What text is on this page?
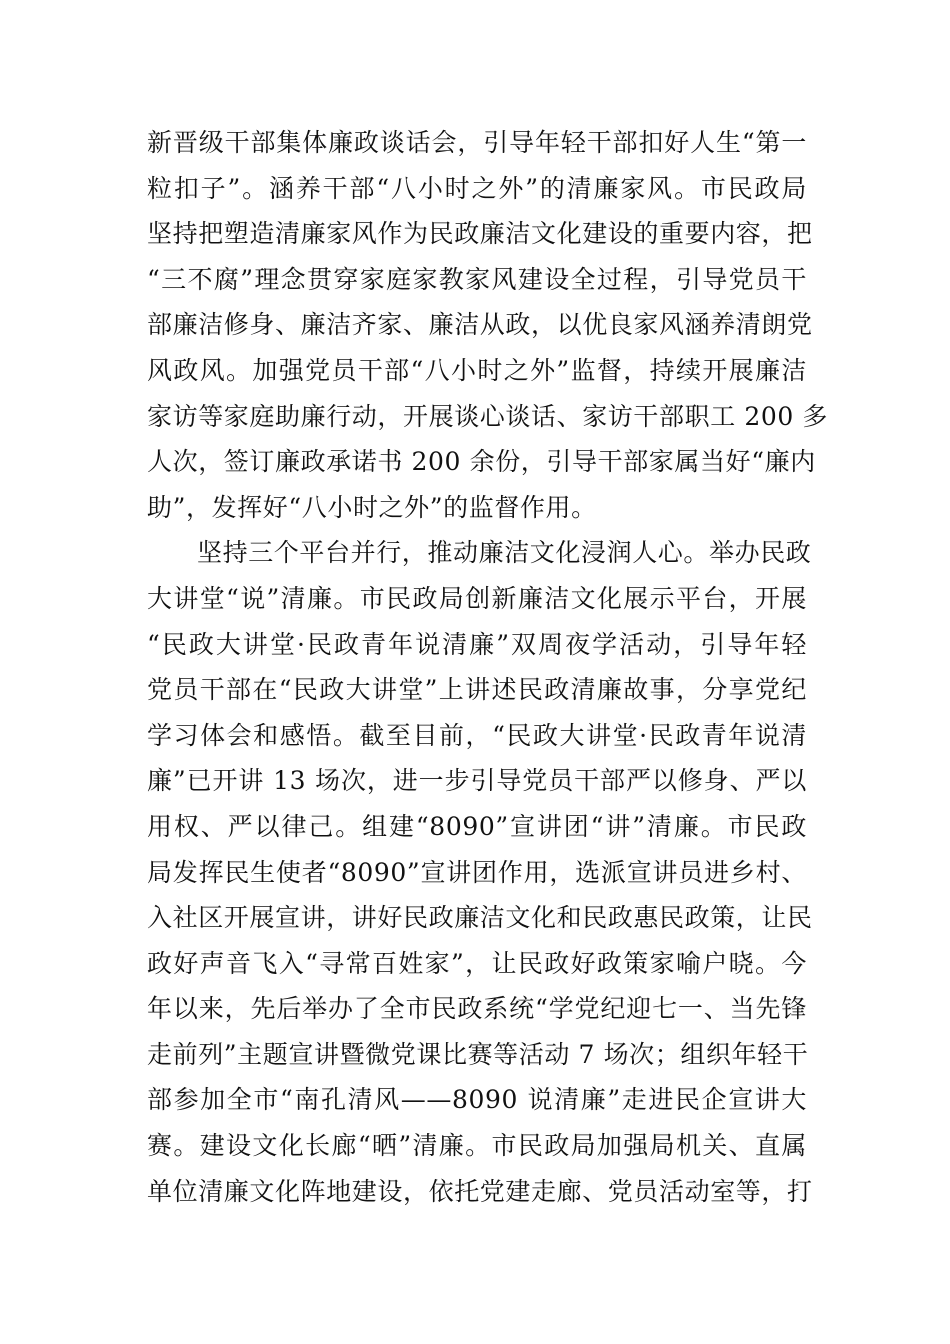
新晋级干部集体廉政谈话会，引导年轻干部扣好人生“第一
粒扣子”。涵养干部“八小时之外”的清廉家风。市民政局
坚持把塑造清廉家风作为民政廉洁文化建设的重要内容，把
“三不腐”理念贯穿家庭家教家风建设全过程，引导党员干
部廉洁修身、廉洁齐家、廉洁从政，以优良家风涵养清朗党
风政风。加强党员干部“八小时之外”监督，持续开展廉洁
家访等家庭助廉行动，开展谈心谈话、家访干部职工 200 多
人次，签订廉政承诺书 200 余份，引导干部家属当好“廉内
助”，发挥好“八小时之外”的监督作用。
坚持三个平台并行，推动廉洁文化浸润人心。举办民政
大讲堂“说”清廉。市民政局创新廉洁文化展示平台，开展
“民政大讲堂·民政青年说清廉”双周夜学活动，引导年轻
党员干部在“民政大讲堂”上讲述民政清廉故事，分享党纪
学习体会和感悟。截至目前，“民政大讲堂·民政青年说清
廉”已开讲 13 场次，进一步引导党员干部严以修身、严以
用权、严以律己。组建“8090”宣讲团“讲”清廉。市民政
局发挥民生使者“8090”宣讲团作用，选派宣讲员进乡村、
入社区开展宣讲，讲好民政廉洁文化和民政惠民政策，让民
政好声音飞入“寻常百姓家”，让民政好政策家喻户晓。今
年以来，先后举办了全市民政系统“学党纪迎七一、当先锋
走前列”主题宣讲暨微党课比赛等活动 7 场次；组织年轻干
部参加全市“南孔清风——8090 说清廉”走进民企宣讲大
赛。建设文化长廊“晒”清廉。市民政局加强局机关、直属
单位清廉文化阵地建设，依托党建走廊、党员活动室等，打
